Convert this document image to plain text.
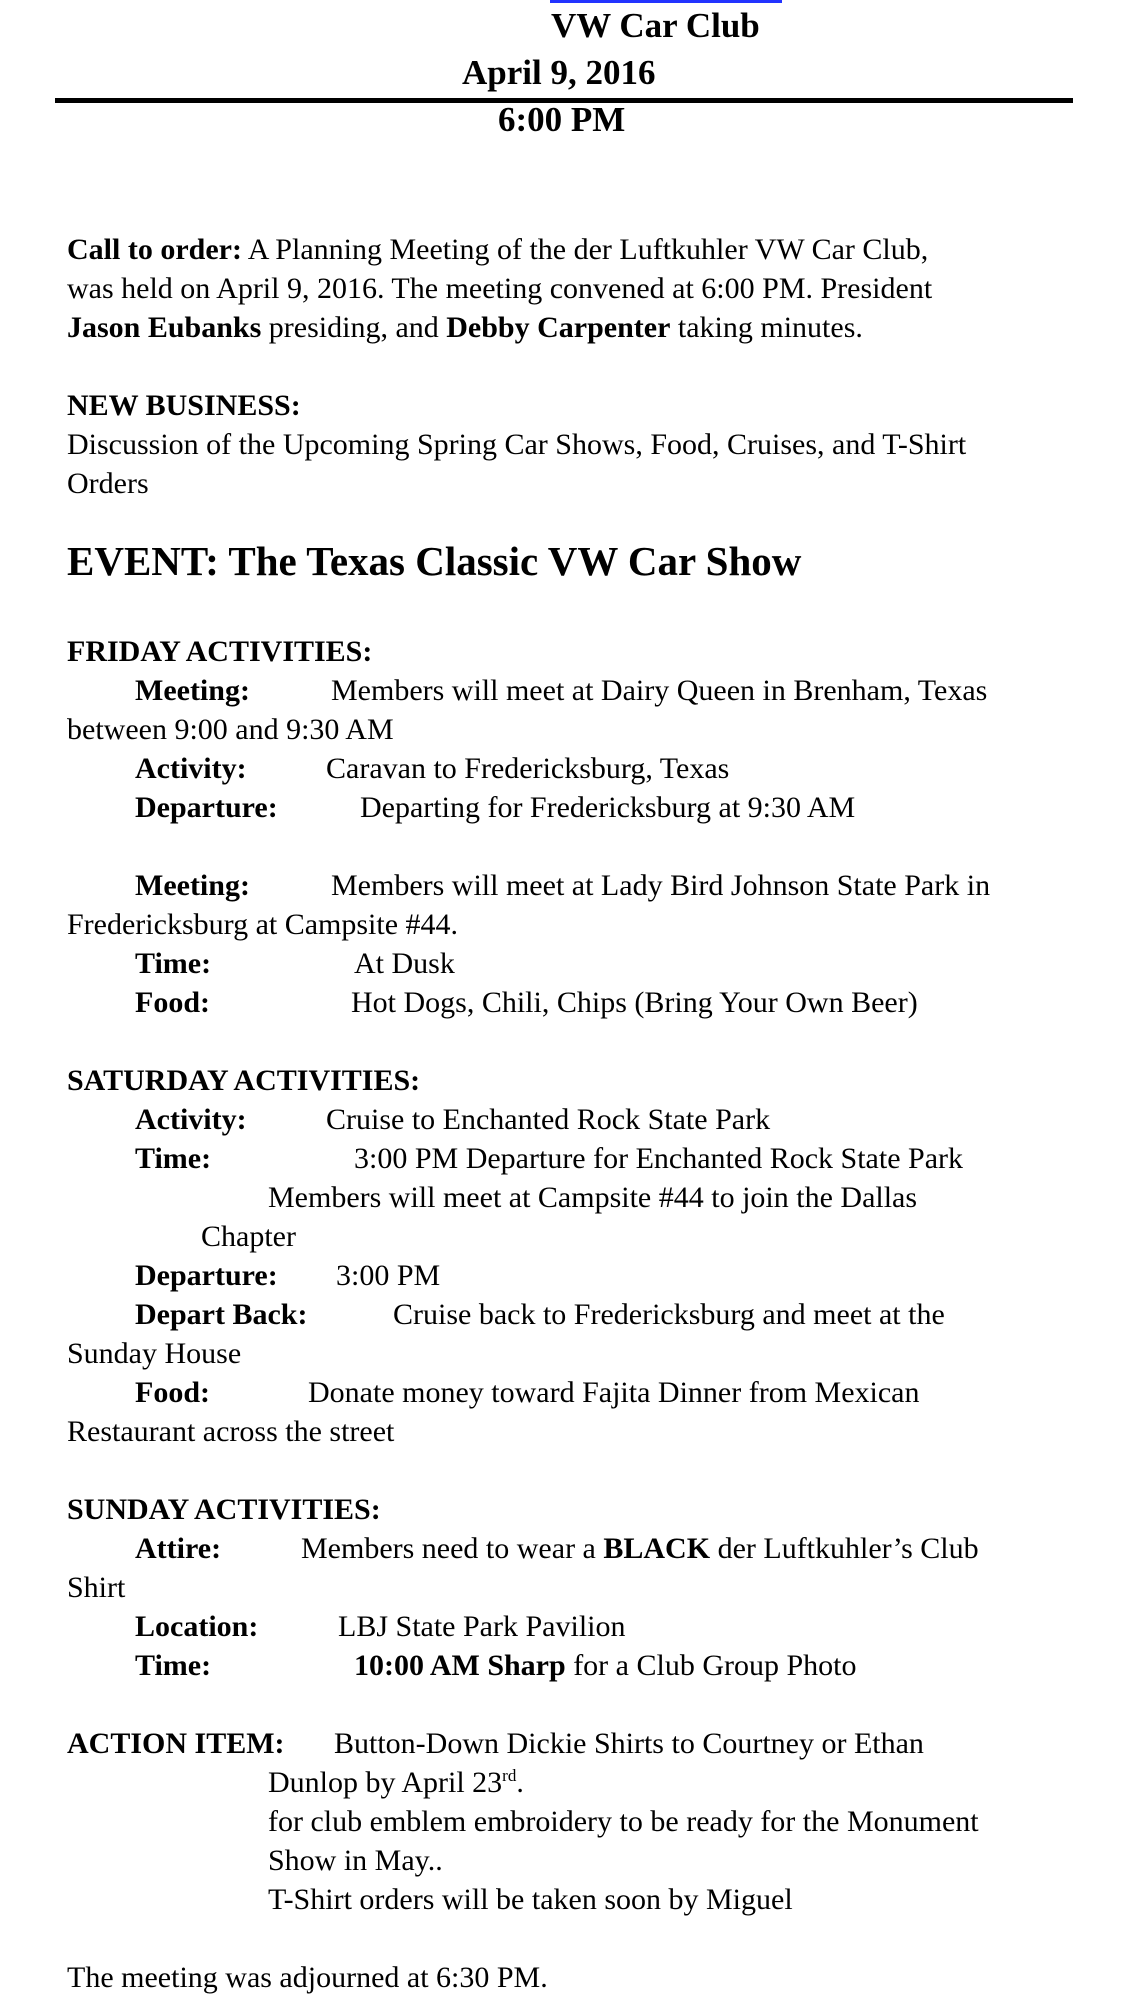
VW Car Club
April 9, 2016
6:00 PM
Call to order: A Planning Meeting of the der Luftkuhler VW Car Club,
was held on April 9, 2016. The meeting convened at 6:00 PM. President
Jason Eubanks presiding, and Debby Carpenter taking minutes.
NEW BUSINESS:
Discussion of the Upcoming Spring Car Shows, Food, Cruises, and T-Shirt
Orders
EVENT: The Texas Classic VW Car Show
FRIDAY ACTIVITIES:
Meeting:	Members will meet at Dairy Queen in Brenham, Texas
between 9:00 and 9:30 AM
Activity:	Caravan to Fredericksburg, Texas
Departure:	Departing for Fredericksburg at 9:30 AM
Meeting:	Members will meet at Lady Bird Johnson State Park in
Fredericksburg at Campsite #44.
Time:	At Dusk
Food:	Hot Dogs, Chili, Chips (Bring Your Own Beer)
SATURDAY ACTIVITIES:
Activity:	Cruise to Enchanted Rock State Park
Time:	3:00 PM Departure for Enchanted Rock State Park
Members will meet at Campsite #44 to join the Dallas
Chapter
Departure: 3:00 PM
Depart Back:	Cruise back to Fredericksburg and meet at the
Sunday House
Food:	Donate money toward Fajita Dinner from Mexican
Restaurant across the street
SUNDAY ACTIVITIES:
Attire:	Members need to wear a BLACK der Luftkuhler’s Club
Shirt
Location:	LBJ State Park Pavilion
Time:	10:00 AM Sharp for a Club Group Photo
ACTION ITEM: Button-Down Dickie Shirts to Courtney or Ethan
Dunlop by April 23rd.
for club emblem embroidery to be ready for the Monument
Show in May..
T-Shirt orders will be taken soon by Miguel
The meeting was adjourned at 6:30 PM.
